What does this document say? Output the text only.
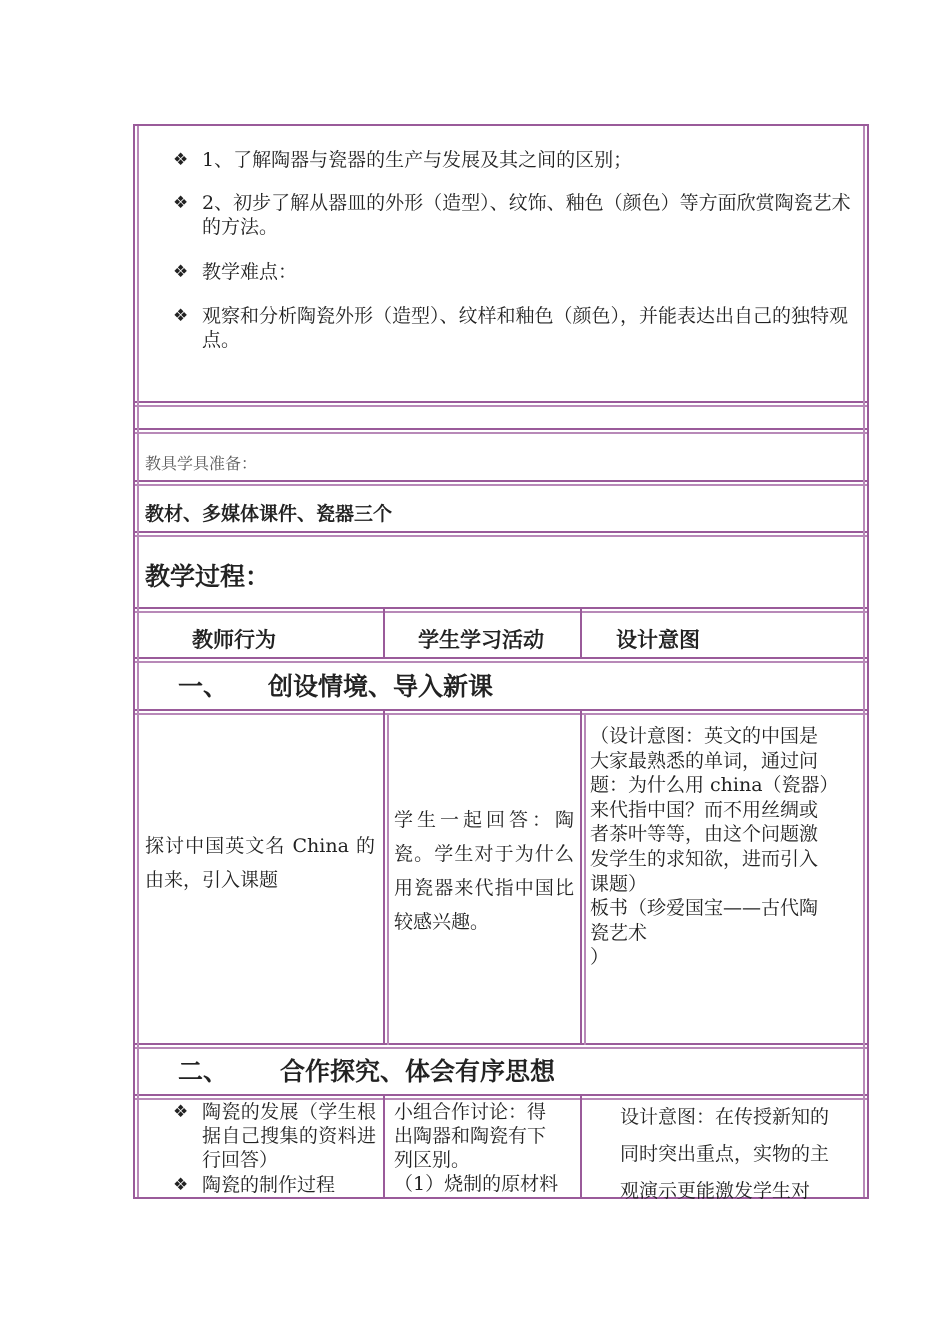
❖ 1、了解陶器与瓷器的生产与发展及其之间的区别；
❖ 2、初步了解从器皿的外形（造型）、纹饰、釉色（颜色）等方面欣赏陶瓷艺术的方法。
❖ 教学难点：
❖ 观察和分析陶瓷外形（造型）、纹样和釉色（颜色），并能表达出自己的独特观点。
教具学具准备：
教材、多媒体课件、瓷器三个
教学过程：
教师行为	学生学习活动	设计意图
一、 创设情境、导入新课
探讨中国英文名 China 的由来，引入课题
学生一起回答：陶瓷。学生对于为什么用瓷器来代指中国比较感兴趣。
（设计意图：英文的中国是
大家最熟悉的单词，通过问
题：为什么用 china（瓷器）
来代指中国？而不用丝绸或
者茶叶等等，由这个问题激
发学生的求知欲，进而引入
课题）
板书（珍爱国宝——古代陶
瓷艺术
）
二、 合作探究、体会有序思想
❖ 陶瓷的发展（学生根据自己搜集的资料进行回答）
❖ 陶瓷的制作过程
小组合作讨论：得
出陶器和陶瓷有下
列区别。
（1）烧制的原材料
设计意图：在传授新知的
同时突出重点，实物的主
观演示更能激发学生对
